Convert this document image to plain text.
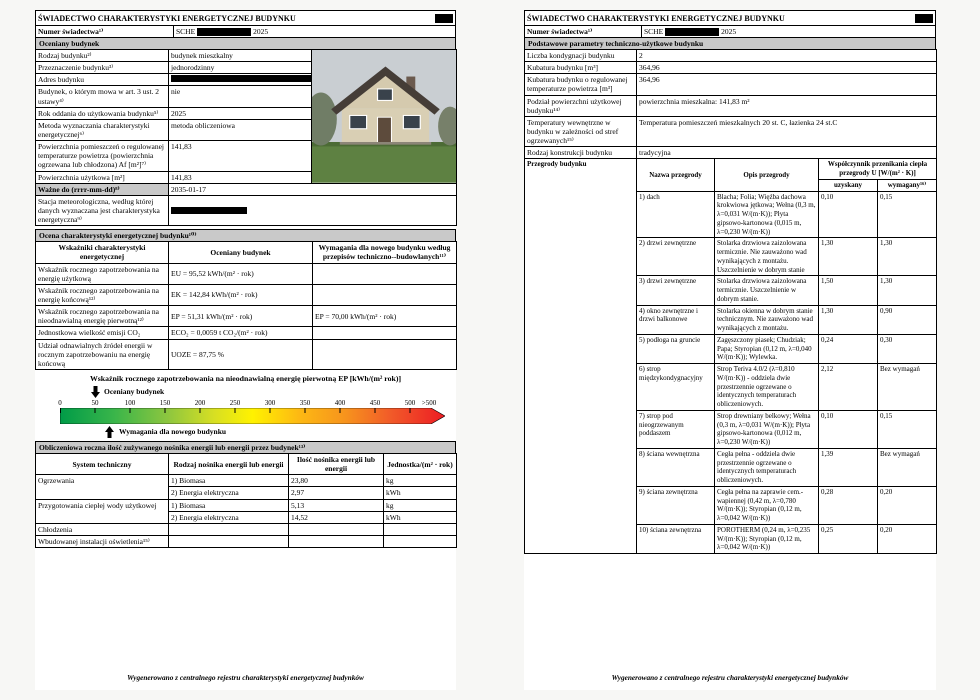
ŚWIADECTWO CHARAKTERYSTYKI ENERGETYCZNEJ BUDYNKU
Numer świadectwa¹⁾	SCHE	2025
Oceniany budynek
Rodzaj budynku²⁾	budynek mieszkalny	

Przeznaczenie budynku³⁾	jednorodzinny	
Adres budynku		

Budynek, o którym mowa w art. 3 ust. 2 ustawy⁴⁾	nie	
Rok oddania do użytkowania budynku⁵⁾	2025	
Metoda wyznaczania charakterystyki energetycznej⁶⁾	metoda obliczeniowa	
Powierzchnia pomieszczeń o regulowanej temperaturze powietrza (powierzchnia ogrzewana lub chłodzona) Af [m²]⁷⁾	141,83	
Powierzchnia użytkowa [m²]	141,83	
Ważne do (rrrr-mm-dd)⁸⁾	2035-01-17
Stacja meteorologiczna, według której danych wyznaczana jest charakterystyka energetyczna⁹⁾	
Ocena charakterystyki energetycznej budynku¹⁰⁾
Wskaźniki charakterystyki energetycznej	Oceniany budynek	Wymagania dla nowego budynku według przepisów techniczno--budowlanych¹¹⁾
Wskaźnik rocznego zapotrzebowania na energię użytkową	EU = 95,52 kWh/(m² · rok)	
Wskaźnik rocznego zapotrzebowania na energię końcową¹²⁾	EK = 142,84 kWh/(m² · rok)	
Wskaźnik rocznego zapotrzebowania na nieodnawialną energię pierwotną¹²⁾	EP = 51,31 kWh/(m² · rok)	EP = 70,00 kWh/(m² · rok)
Jednostkowa wielkość emisji CO₂	ECO₂ = 0,0059 t CO₂/(m² · rok)	
Udział odnawialnych źródeł energii w rocznym zapotrzebowaniu na energię końcową	UOZE = 87,75 %	
Wskaźnik rocznego zapotrzebowania na nieodnawialną energię pierwotną EP [kWh/(m² rok)]
Oceniany budynek
0	50	100	150	200	250	300	350	400	450	500 >500
Wymagania dla nowego budynku
Obliczeniowa roczna ilość zużywanego nośnika energii lub energii przez budynek¹³⁾
System techniczny	Rodzaj nośnika energii lub energii	Ilość nośnika energii lub energii	Jednostka/(m² · rok)
Ogrzewania	1) Biomasa	23,80	kg
	2) Energia elektryczna	2,97	kWh
Przygotowania ciepłej wody użytkowej	1) Biomasa	5,13	kg
	2) Energia elektryczna	14,52	kWh
Chłodzenia			
Wbudowanej instalacji oświetlenia¹⁵⁾			
Wygenerowano z centralnego rejestru charakterystyki energetycznej budynków
ŚWIADECTWO CHARAKTERYSTYKI ENERGETYCZNEJ BUDYNKU
Numer świadectwa¹⁾	SCHE	2025
Podstawowe parametry techniczno-użytkowe budynku
Liczba kondygnacji budynku	2
Kubatura budynku [m³]	364,96
Kubatura budynku o regulowanej temperaturze powietrza [m³]	364,96
Podział powierzchni użytkowej budynku¹⁴⁾	powierzchnia mieszkalna: 141,83 m²
Temperatury wewnętrzne w budynku w zależności od stref ogrzewanych¹⁵⁾	Temperatura pomieszczeń mieszkalnych 20 st. C, łazienka 24 st.C
Rodzaj konstrukcji budynku	tradycyjna
Przegrody budynku	Nazwa przegrody	Opis przegrody	Współczynnik przenikania ciepła przegrody U [W/(m² · K)]	
			uzyskany	wymagany¹⁶⁾
	1) dach	Blacha; Folia; Więźba dachowa krokwiowa jętkowa; Wełna (0,3 m, λ=0,031 W/(m·K)); Płyta gipsowo-kartonowa (0,015 m, λ=0,230 W/(m·K))	0,10	0,15
	2) drzwi zewnętrzne	Stolarka drzwiowa zaizolowana termicznie. Nie zauważono wad wynikających z montażu. Uszczelnienie w dobrym stanie	1,30	1,30
	3) drzwi zewnętrzne	Stolarka drzwiowa zaizolowana termicznie. Uszczelnienie w dobrym stanie.	1,50	1,30
	4) okno zewnętrzne i drzwi balkonowe	Stolarka okienna w dobrym stanie technicznym. Nie zauważono wad wynikających z montażu.	1,30	0,90
	5) podłoga na gruncie	Zagęszczony piasek; Chudziak; Papa; Styropian (0,12 m, λ=0,040 W/(m·K)); Wylewka.	0,24	0,30
	6) strop międzykondygnacyjny	Strop Teriva 4.0/2 (λ=0,810 W/(m·K)) - oddziela dwie przestrzennie ogrzewane o identycznych temperaturach obliczeniowych.	2,12	Bez wymagań
	7) strop pod nieogrzewanym poddaszem	Strop drewniany belkowy; Wełna (0,3 m, λ=0,031 W/(m·K)); Płyta gipsowo-kartonowa (0,012 m, λ=0,230 W/(m·K))	0,10	0,15
	8) ściana wewnętrzna	Cegła pełna - oddziela dwie przestrzennie ogrzewane o identycznych temperaturach obliczeniowych.	1,39	Bez wymagań
	9) ściana zewnętrzna	Cegła pełna na zaprawie cem.-wapiennej (0,42 m, λ=0,780 W/(m·K)); Styropian (0,12 m, λ=0,042 W/(m·K))	0,28	0,20
	10) ściana zewnętrzna	POROTHERM (0,24 m, λ=0,235 W/(m·K)); Styropian (0,12 m, λ=0,042 W/(m·K))	0,25	0,20
Wygenerowano z centralnego rejestru charakterystyki energetycznej budynków
